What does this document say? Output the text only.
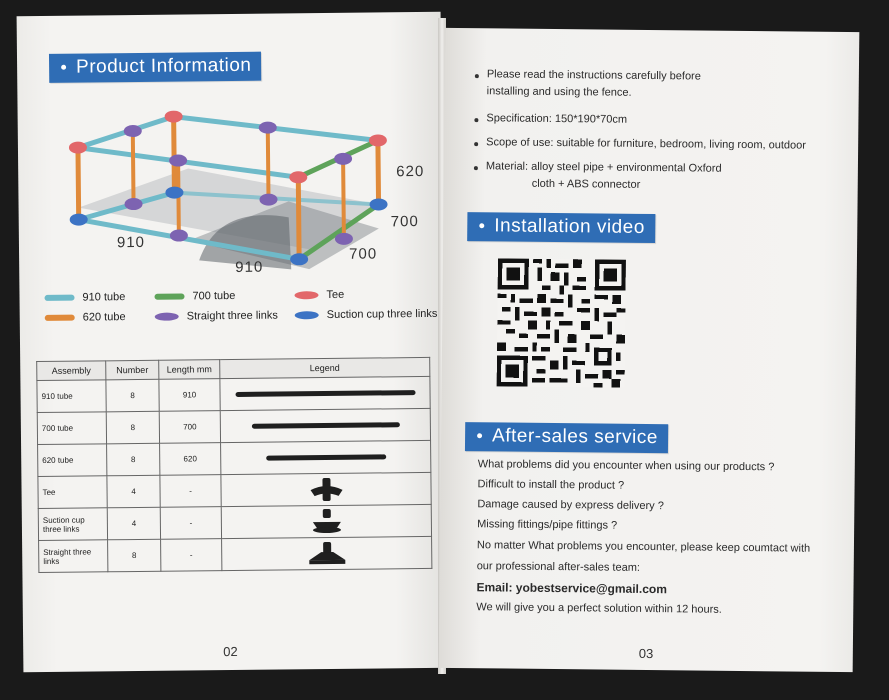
Product Information
620
700
700
910
910
910 tube	700 tube	Tee
620 tube	Straight three links	Suction cup three links
Assembly	Number	Length mm	Legend
910 tube	8	910	

700 tube	8	700	

620 tube	8	620	

Tee	4	-	
Suction cup three links	4	-	
Straight three links	8	-	
02
Please read the instructions carefully before
installing and using the fence.
Specification: 150*190*70cm
Scope of use: suitable for furniture, bedroom, living room, outdoor
Material: alloy steel pipe + environmental Oxford
cloth + ABS connector
Installation video
After-sales service
What problems did you encounter when using our products ?
Difficult to install the product ?
Damage caused by express delivery ?
Missing fittings/pipe fittings ?
No matter What problems you encounter, please keep coumtact with
our professional after-sales team:
Email: yobestservice@gmail.com
We will give you a perfect solution within 12 hours.
03
